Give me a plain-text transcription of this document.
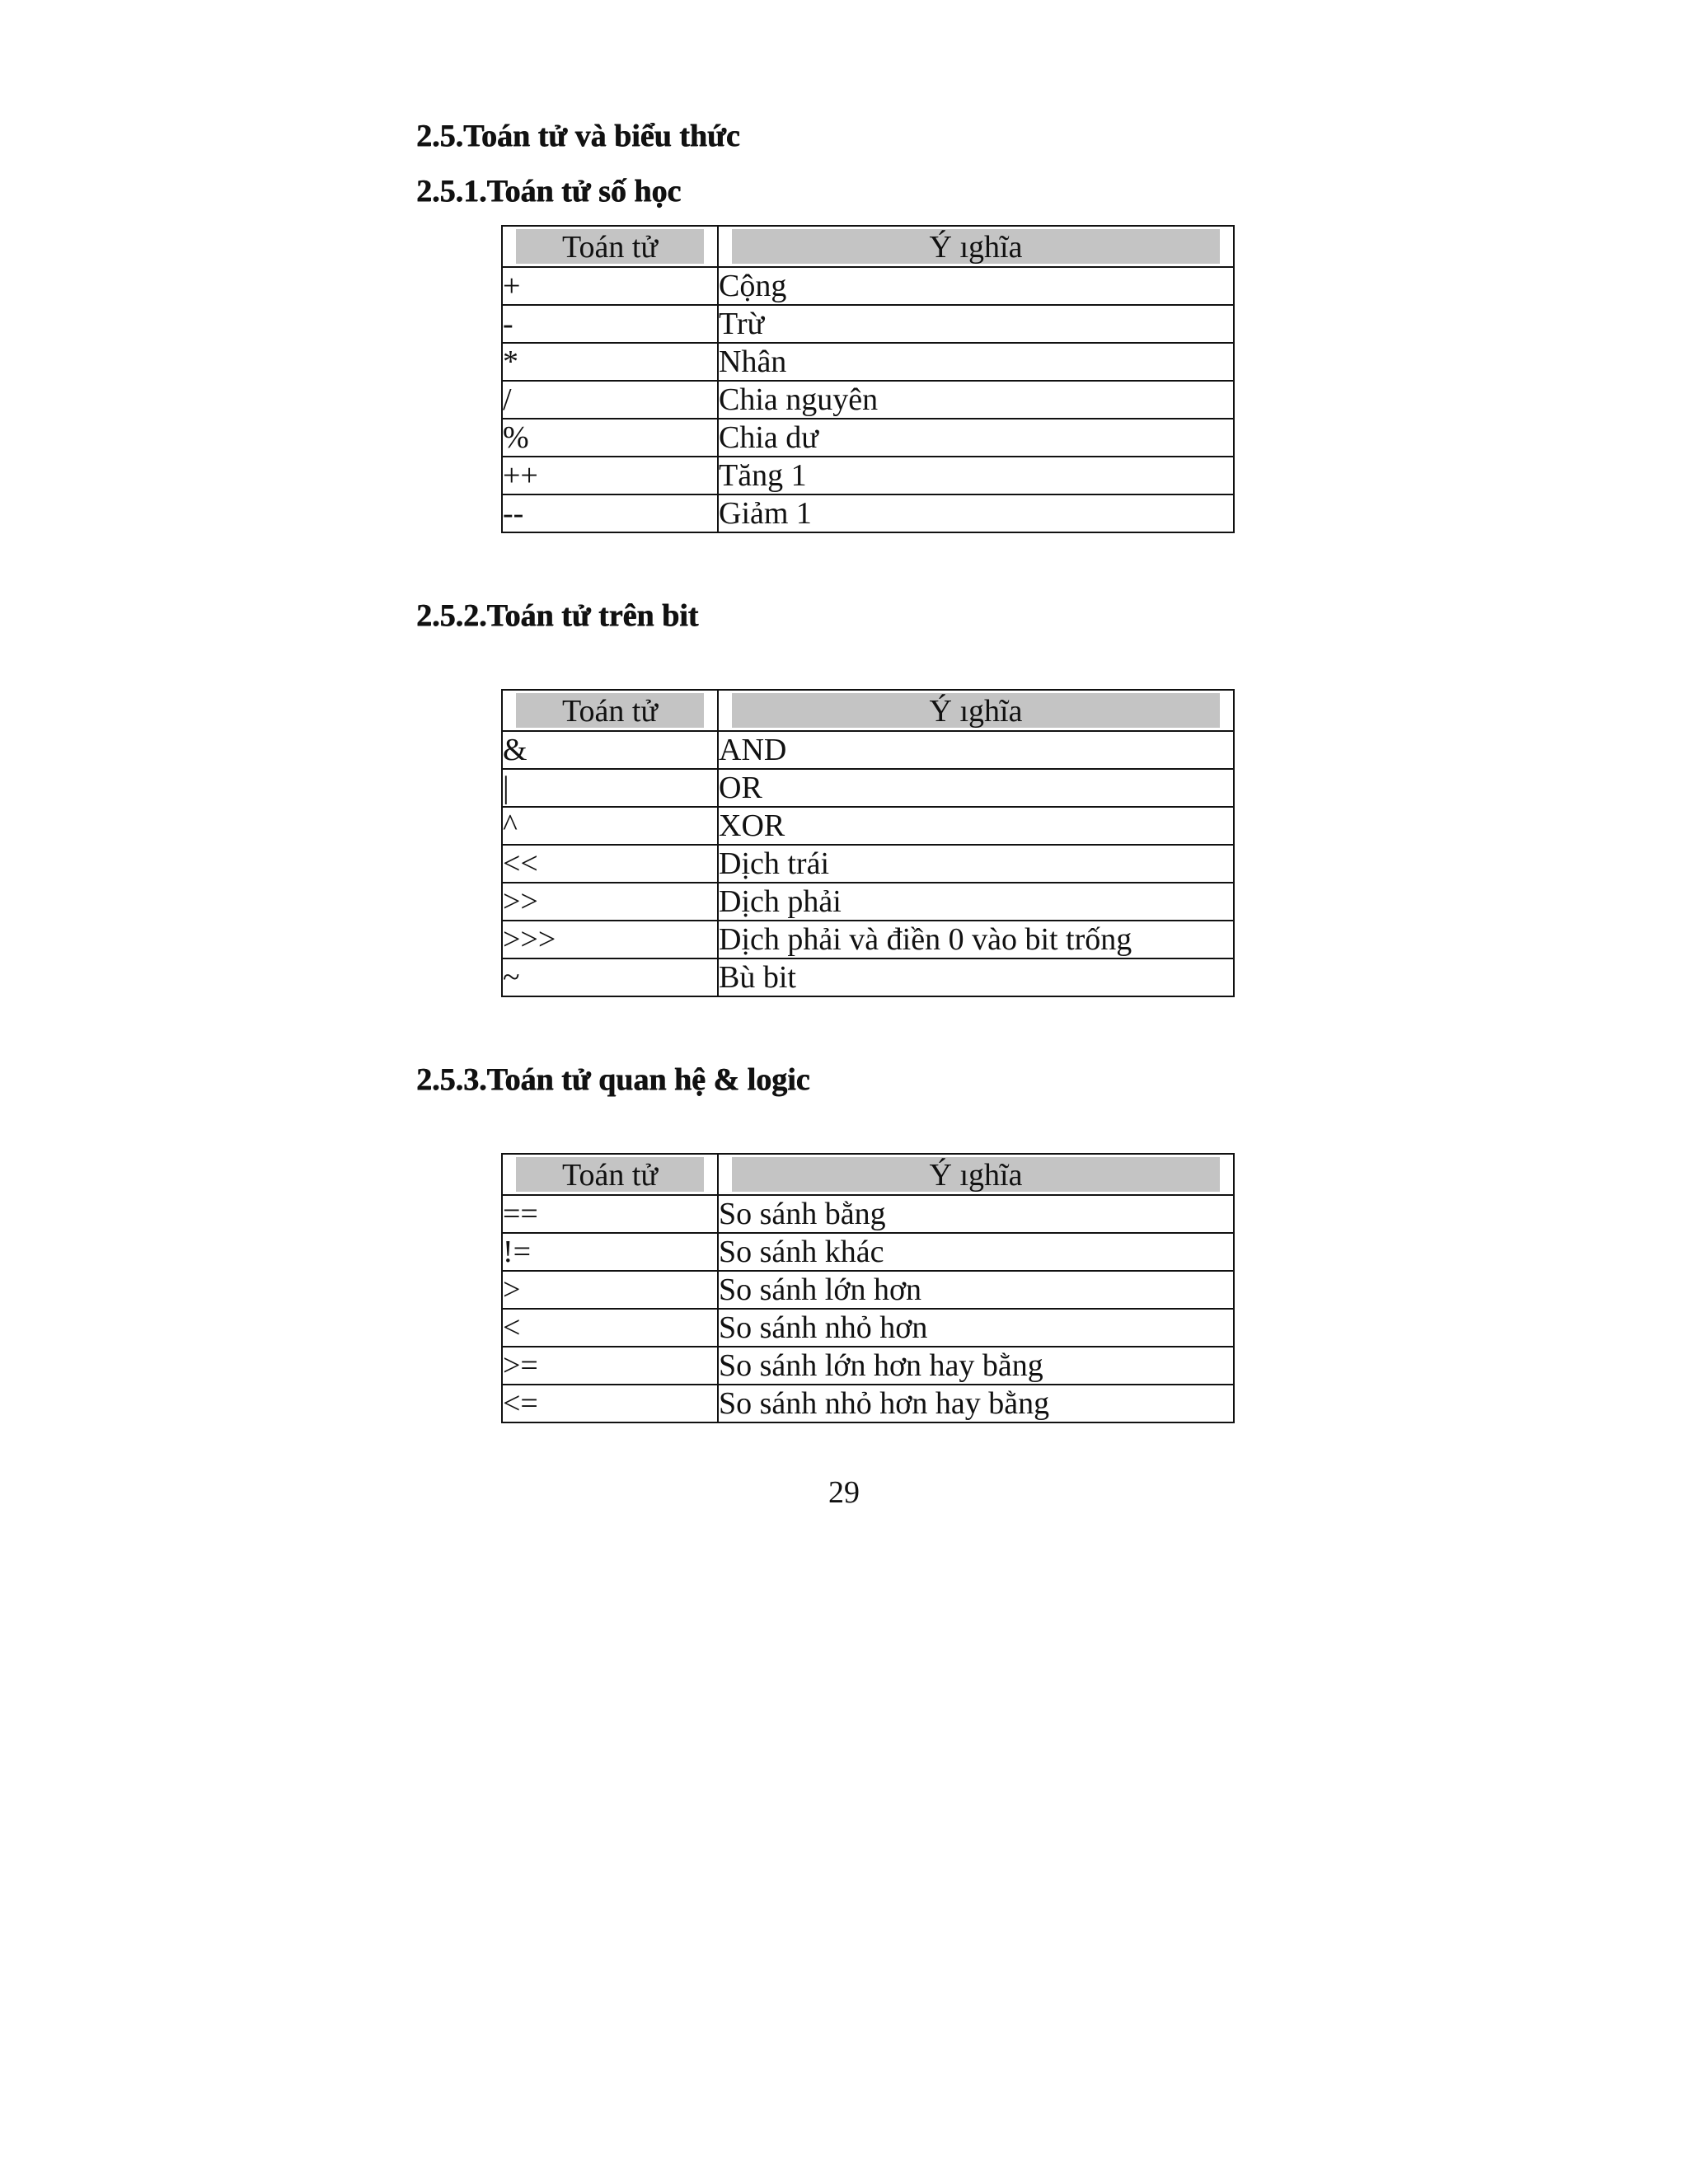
2.5.Toán tử và biểu thức
2.5.1.Toán tử số học
Toán tử	Ý ıghĩa

+	Cộng
-	Trừ
*	Nhân
/	Chia nguyên
%	Chia dư
++	Tăng 1
--	Giảm 1
2.5.2.Toán tử trên bit
Toán tử	Ý ıghĩa

&	AND
|	OR
^	XOR
<<	Dịch trái
>>	Dịch phải
>>>	Dịch phải và điền 0 vào bit trống
~	Bù bit
2.5.3.Toán tử quan hệ & logic
Toán tử	Ý ıghĩa

==	So sánh bằng
!=	So sánh khác
>	So sánh lớn hơn
<	So sánh nhỏ hơn
>=	So sánh lớn hơn hay bằng
<=	So sánh nhỏ hơn hay bằng
29
